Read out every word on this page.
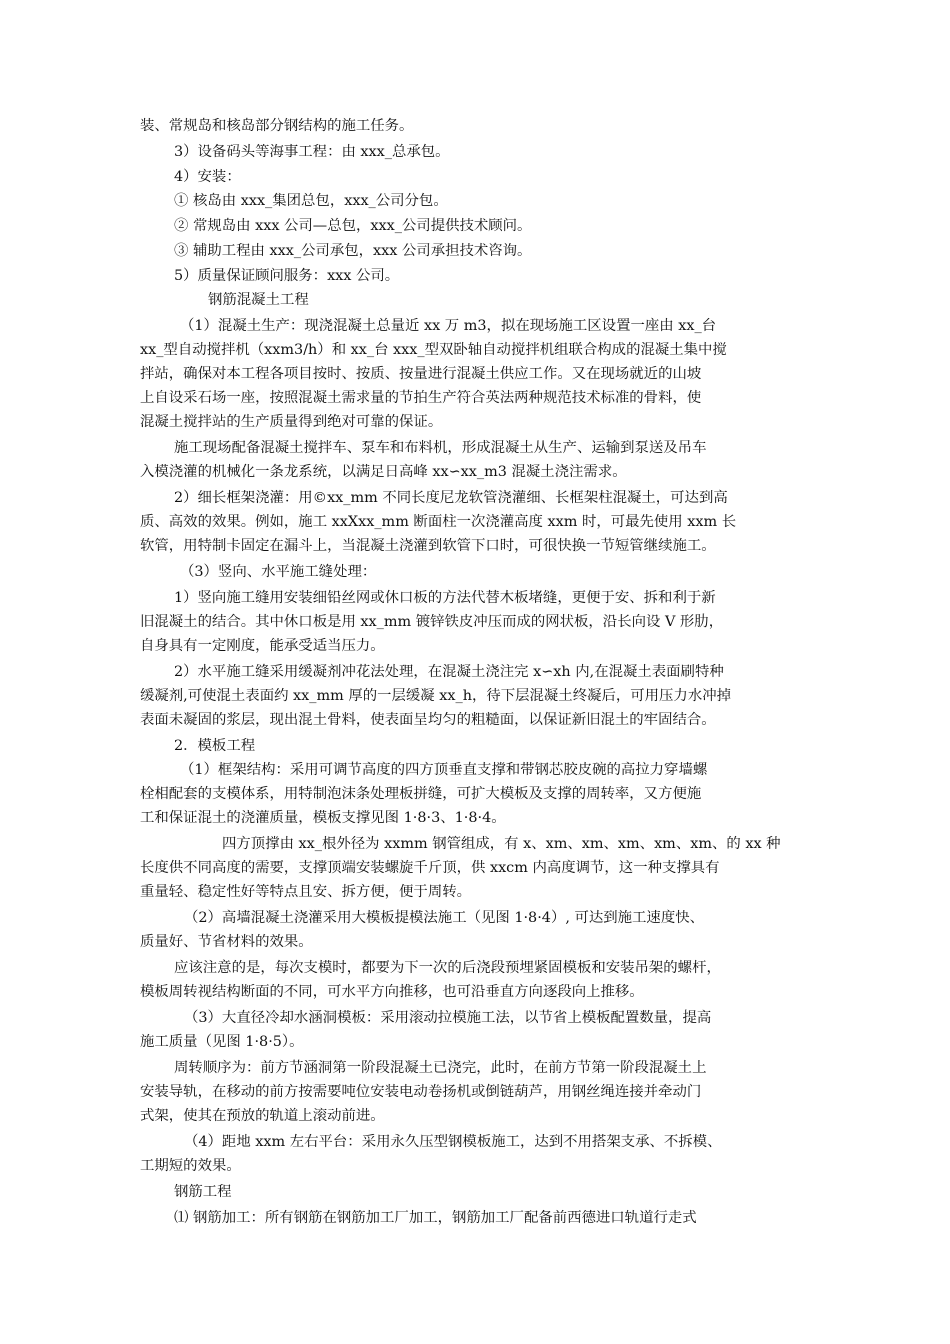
装、常规岛和核岛部分钢结构的施工任务。

3）设备码头等海事工程：由 xxx_总承包。

4）安装：

① 核岛由 xxx_集团总包，xxx_公司分包。

② 常规岛由 xxx 公司—总包，xxx_公司提供技术顾问。

③ 辅助工程由 xxx_公司承包，xxx 公司承担技术咨询。

5）质量保证顾问服务：xxx 公司。

钢筋混凝土工程

（1）混凝土生产：现浇混凝土总量近 xx 万 m3，拟在现场施工区设置一座由 xx_台

xx_型自动搅拌机（xxm3/h）和 xx_台 xxx_型双卧轴自动搅拌机组联合构成的混凝土集中搅

拌站，确保对本工程各项目按时、按质、按量进行混凝土供应工作。又在现场就近的山坡

上自设采石场一座，按照混凝土需求量的节拍生产符合英法两种规范技术标准的骨料，使

混凝土搅拌站的生产质量得到绝对可靠的保证。

施工现场配备混凝土搅拌车、泵车和布料机，形成混凝土从生产、运输到泵送及吊车

入模浇灌的机械化一条龙系统，以满足日高峰 xx∽xx_m3 混凝土浇注需求。

2）细长框架浇灌：用©xx_mm 不同长度尼龙软管浇灌细、长框架柱混凝土，可达到高

质、高效的效果。例如，施工 xxXxx_mm 断面柱一次浇灌高度 xxm 时，可最先使用 xxm 长

软管，用特制卡固定在漏斗上，当混凝土浇灌到软管下口时，可很快换一节短管继续施工。

（3）竖向、水平施工缝处理：

1）竖向施工缝用安装细铅丝网或休口板的方法代替木板堵缝，更便于安、拆和利于新

旧混凝土的结合。其中休口板是用 xx_mm 镀锌铁皮冲压而成的网状板，沿长向设 V 形肋，

自身具有一定刚度，能承受适当压力。

2）水平施工缝采用缓凝剂冲花法处理，在混凝土浇注完 x∽xh 内,在混凝土表面刷特种

缓凝剂,可使混土表面约 xx_mm 厚的一层缓凝 xx_h，待下层混凝土终凝后，可用压力水冲掉

表面未凝固的浆层，现出混土骨料，使表面呈均匀的粗糙面，以保证新旧混土的牢固结合。

2．模板工程

（1）框架结构：采用可调节高度的四方顶垂直支撑和带钢芯胶皮碗的高拉力穿墙螺

栓相配套的支模体系，用特制泡沫条处理板拼缝，可扩大模板及支撑的周转率，又方便施

工和保证混土的浇灌质量，模板支撑见图 1·8·3、1·8·4。

四方顶撑由 xx_根外径为 xxmm 钢管组成，有 x、xm、xm、xm、xm、xm、的 xx 种

长度供不同高度的需要，支撑顶端安装螺旋千斤顶，供 xxcm 内高度调节，这一种支撑具有

重量轻、稳定性好等特点且安、拆方便，便于周转。

（2）高墙混凝土浇灌采用大模板提模法施工（见图 1·8·4）, 可达到施工速度快、

质量好、节省材料的效果。

应该注意的是，每次支模时，都要为下一次的后浇段预埋紧固模板和安装吊架的螺杆，

模板周转视结构断面的不同，可水平方向推移，也可沿垂直方向逐段向上推移。

（3）大直径冷却水涵洞模板：采用滚动拉模施工法，以节省上模板配置数量，提高

施工质量（见图 1·8·5）。

周转顺序为：前方节涵洞第一阶段混凝土已浇完，此时，在前方节第一阶段混凝土上

安装导轨，在移动的前方按需要吨位安装电动卷扬机或倒链葫芦，用钢丝绳连接并牵动门

式架，使其在预放的轨道上滚动前进。

（4）距地 xxm 左右平台：采用永久压型钢模板施工，达到不用搭架支承、不拆模、

工期短的效果。

钢筋工程

⑴ 钢筋加工：所有钢筋在钢筋加工厂加工，钢筋加工厂配备前西德进口轨道行走式
